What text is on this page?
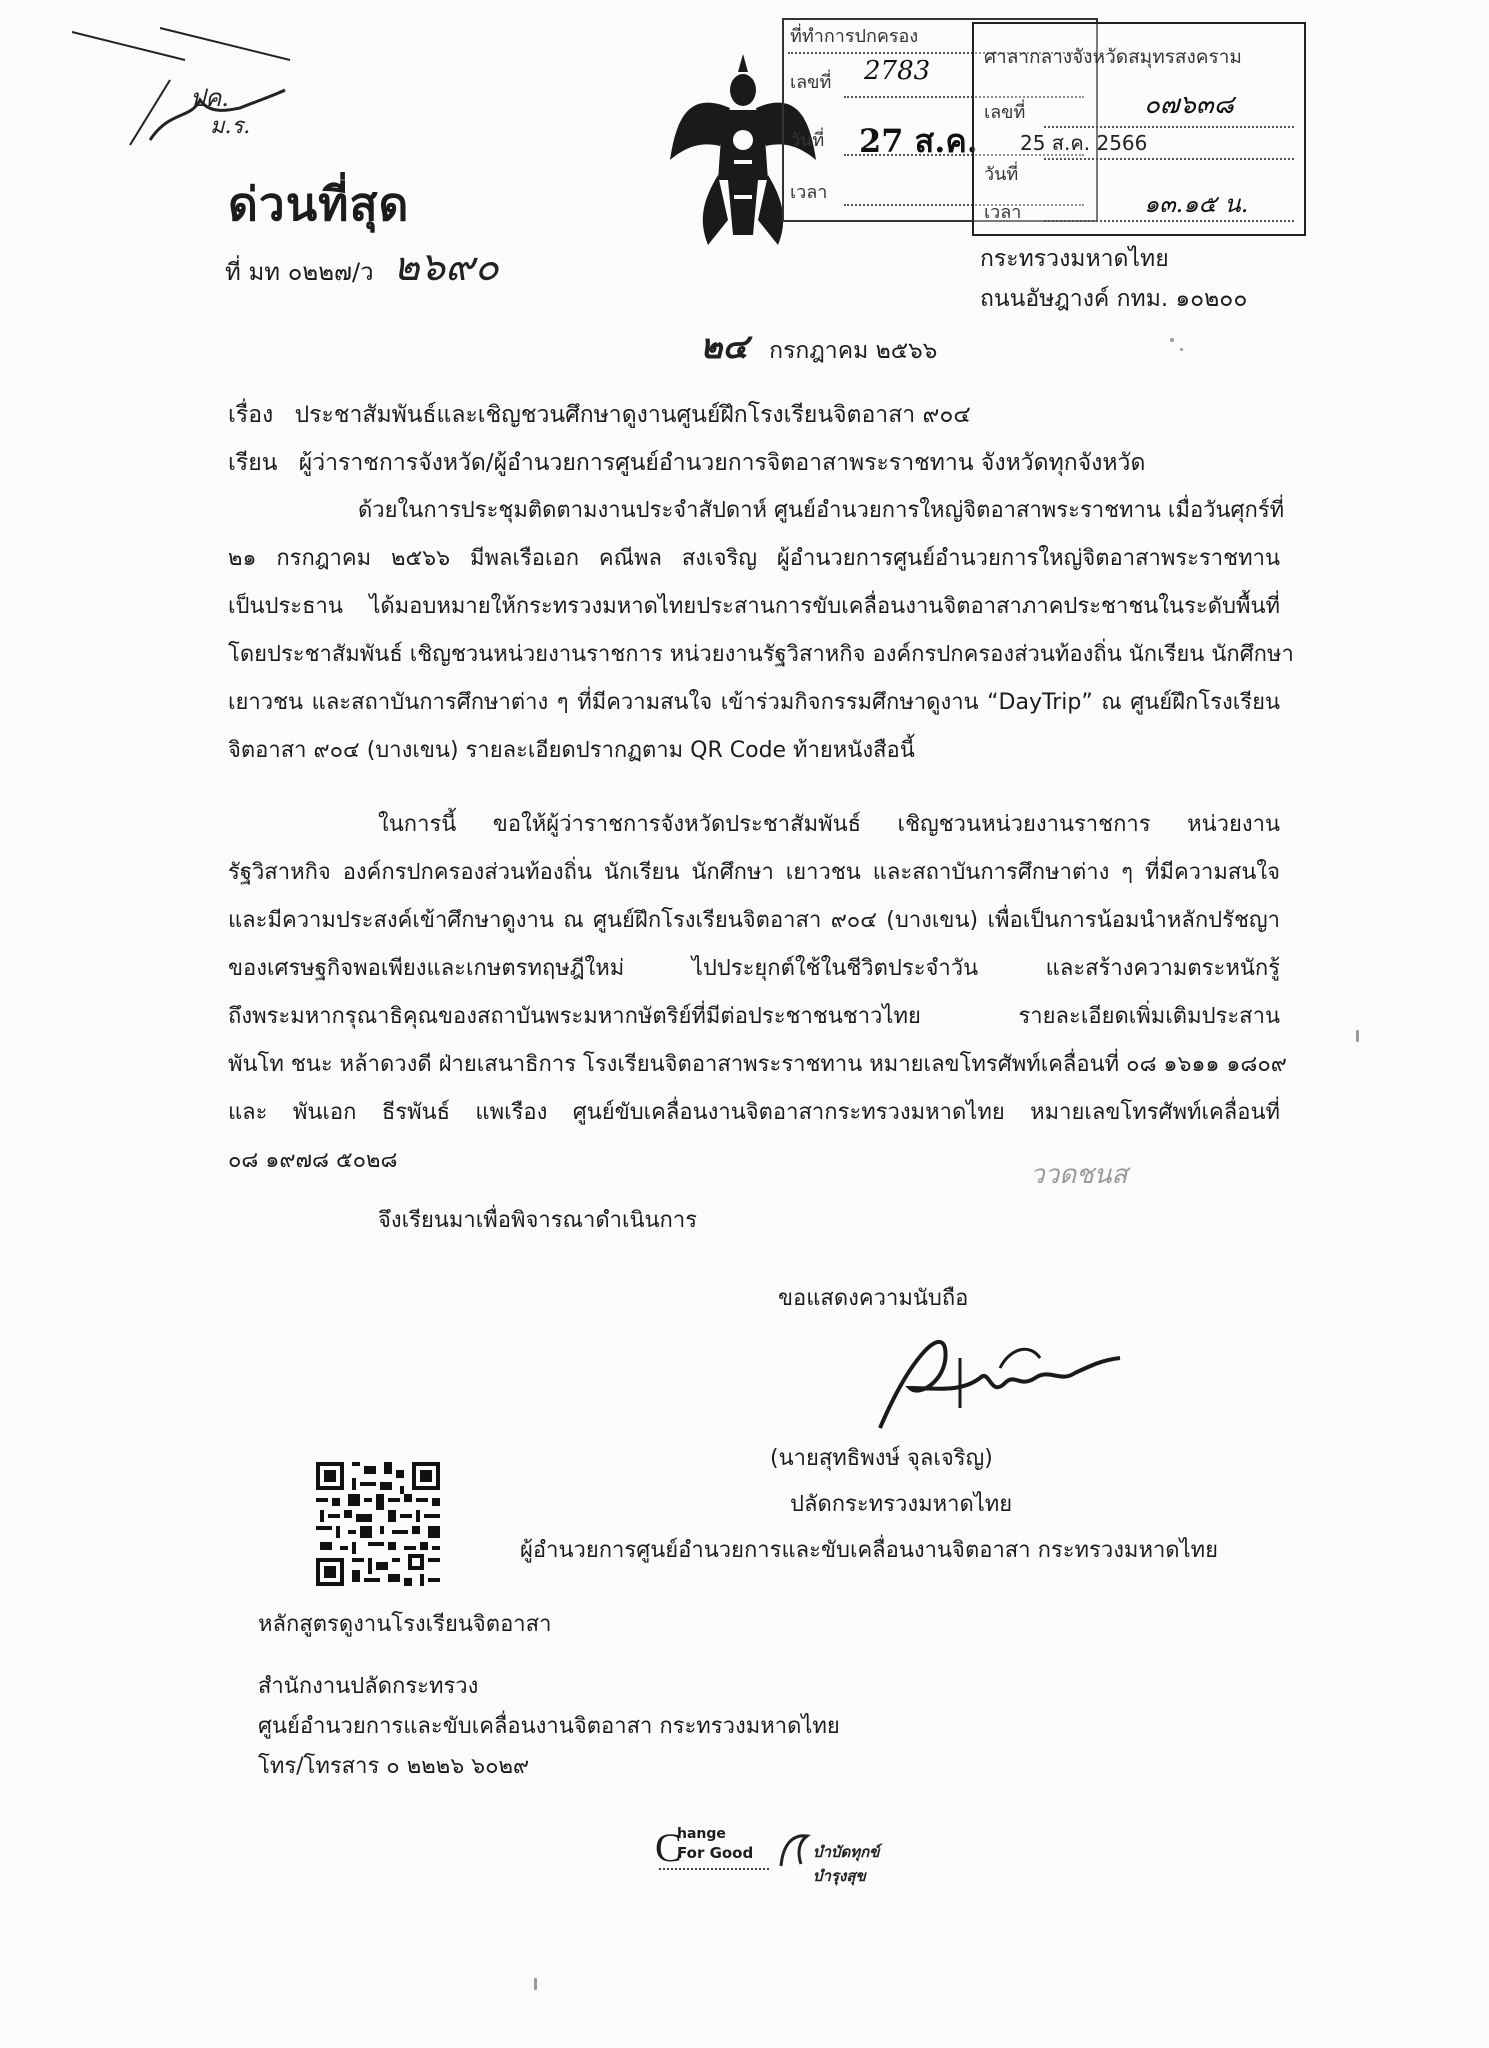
ปค.
ม.ร.
ด่วนที่สุด
ที่ มท ๐๒๒๗/ว ๒๖๙๐
ที่ทำการปกครอง
เลขที่ 2783
วันที่ 27 ส.ค.
เวลา
ศาลากลางจังหวัดสมุทรสงคราม
เลขที่	๐๗๖๓๘
วันที่
25 ส.ค. 2566
เวลา	๑๓.๑๕ น.
กระทรวงมหาดไทย
ถนนอัษฎางค์ กทม. ๑๐๒๐๐
๒๔ กรกฎาคม ๒๕๖๖
เรื่อง ประชาสัมพันธ์และเชิญชวนศึกษาดูงานศูนย์ฝึกโรงเรียนจิตอาสา ๙๐๔
เรียน ผู้ว่าราชการจังหวัด/ผู้อำนวยการศูนย์อำนวยการจิตอาสาพระราชทาน จังหวัดทุกจังหวัด
ด้วยในการประชุมติดตามงานประจำสัปดาห์ ศูนย์อำนวยการใหญ่จิตอาสาพระราชทาน เมื่อวันศุกร์ที่
๒๑ กรกฎาคม ๒๕๖๖ มีพลเรือเอก คณีพล สงเจริญ ผู้อำนวยการศูนย์อำนวยการใหญ่จิตอาสาพระราชทาน
เป็นประธาน ได้มอบหมายให้กระทรวงมหาดไทยประสานการขับเคลื่อนงานจิตอาสาภาคประชาชนในระดับพื้นที่
โดยประชาสัมพันธ์ เชิญชวนหน่วยงานราชการ หน่วยงานรัฐวิสาหกิจ องค์กรปกครองส่วนท้องถิ่น นักเรียน นักศึกษา
เยาวชน และสถาบันการศึกษาต่าง ๆ ที่มีความสนใจ เข้าร่วมกิจกรรมศึกษาดูงาน “DayTrip” ณ ศูนย์ฝึกโรงเรียน
จิตอาสา ๙๐๔ (บางเขน) รายละเอียดปรากฏตาม QR Code ท้ายหนังสือนี้
ในการนี้ ขอให้ผู้ว่าราชการจังหวัดประชาสัมพันธ์ เชิญชวนหน่วยงานราชการ หน่วยงาน
รัฐวิสาหกิจ องค์กรปกครองส่วนท้องถิ่น นักเรียน นักศึกษา เยาวชน และสถาบันการศึกษาต่าง ๆ ที่มีความสนใจ
และมีความประสงค์เข้าศึกษาดูงาน ณ ศูนย์ฝึกโรงเรียนจิตอาสา ๙๐๔ (บางเขน) เพื่อเป็นการน้อมนำหลักปรัชญา
ของเศรษฐกิจพอเพียงและเกษตรทฤษฎีใหม่ ไปประยุกต์ใช้ในชีวิตประจำวัน และสร้างความตระหนักรู้
ถึงพระมหากรุณาธิคุณของสถาบันพระมหากษัตริย์ที่มีต่อประชาชนชาวไทย รายละเอียดเพิ่มเติมประสาน
พันโท ชนะ หล้าดวงดี ฝ่ายเสนาธิการ โรงเรียนจิตอาสาพระราชทาน หมายเลขโทรศัพท์เคลื่อนที่ ๐๘ ๑๖๑๑ ๑๘๐๙
และ พันเอก ธีรพันธ์ แพเรือง ศูนย์ขับเคลื่อนงานจิตอาสากระทรวงมหาดไทย หมายเลขโทรศัพท์เคลื่อนที่
๐๘ ๑๙๗๘ ๕๐๒๘
จึงเรียนมาเพื่อพิจารณาดำเนินการ
ขอแสดงความนับถือ
(นายสุทธิพงษ์ จุลเจริญ)
ปลัดกระทรวงมหาดไทย
ผู้อำนวยการศูนย์อำนวยการและขับเคลื่อนงานจิตอาสา กระทรวงมหาดไทย
หลักสูตรดูงานโรงเรียนจิตอาสา
สำนักงานปลัดกระทรวง
ศูนย์อำนวยการและขับเคลื่อนงานจิตอาสา กระทรวงมหาดไทย
โทร/โทรสาร ๐ ๒๒๒๖ ๖๐๒๙
C
hange
For Good	บำบัดทุกข์ บำรุงสุข
ววดชนส
